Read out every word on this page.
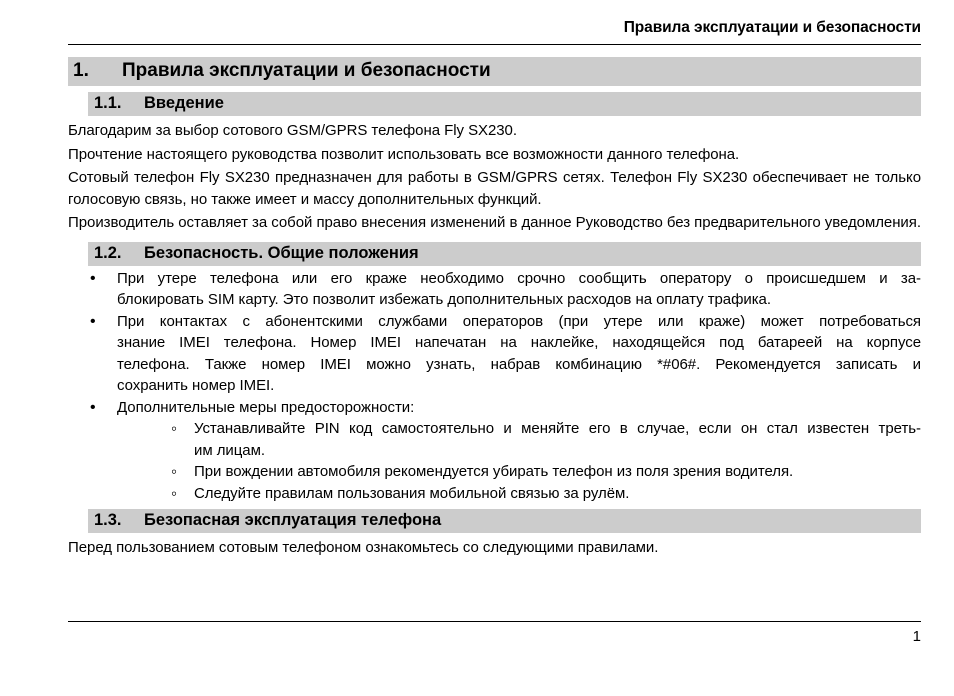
Правила эксплуатации и безопасности
1.	Правила эксплуатации и безопасности
1.1.	Введение

Благодарим за выбор сотового GSM/GPRS телефона Fly SX230.

Прочтение настоящего руководства позволит использовать все возможности данного телефона.

Сотовый телефон Fly SX230 предназначен для работы в GSM/GPRS сетях. Телефон Fly SX230 обеспечивает не только голосовую связь, но также имеет и массу дополнительных функций.

Производитель оставляет за собой право внесения изменений в данное Руководство без предварительного уведомления.

1.2.	Безопасность. Общие положения
•
При утере телефона или его краже необходимо срочно сообщить оператору о происшедшем и за-
блокировать SIM карту. Это позволит избежать дополнительных расходов на оплату трафика.
•
При контактах с абонентскими службами операторов (при утере или краже) может потребоваться
знание IMEI телефона. Номер IMEI напечатан на наклейке, находящейся под батареей на корпусе
телефона. Также номер IMEI можно узнать, набрав комбинацию *#06#. Рекомендуется записать и
сохранить номер IMEI.
•
Дополнительные меры предосторожности:
◦
Устанавливайте PIN код самостоятельно и меняйте его в случае, если он стал известен треть-
им лицам.
◦
При вождении автомобиля рекомендуется убирать телефон из поля зрения водителя.
◦
Следуйте правилам пользования мобильной связью за рулём.
1.3.	Безопасная эксплуатация телефона

Перед пользованием сотовым телефоном ознакомьтесь со следующими правилами.

1
